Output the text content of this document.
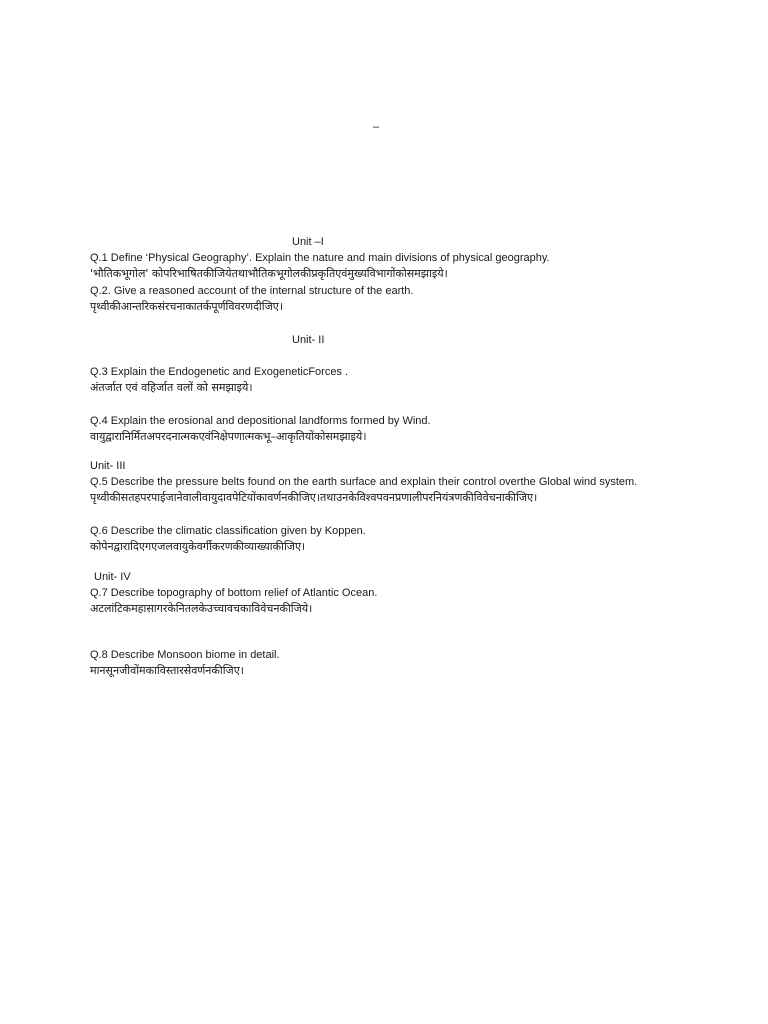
–
Unit –I
Q.1 Define ‘Physical Geography’. Explain the nature and main divisions of physical geography.
'भौतिकभूगोल' कोपरिभाषितकीजियेतथाभौतिकभूगोलकीप्रकृतिएवंमुख्यविभागोंकोसमझाइये।
Q.2. Give a reasoned account of the internal structure of the earth.
पृथ्वीकीआन्तरिकसंरचनाकातर्कपूर्णविवरणदीजिए।
Unit- II
Q.3 Explain the Endogenetic and ExogeneticForces .
अंतर्जात एवं वहिर्जात वलों को समझाइये।
Q.4 Explain the erosional and depositional landforms formed by Wind.
वायुद्वारानिर्मितअपरदनात्मकएवंनिक्षेपणात्मकभू–आकृतियोंकोसमझाइये।
Unit- III
Q.5 Describe the pressure belts found on the earth surface and explain their control overthe Global wind system.
पृथ्वीकीसतहपरपाईजानेवालीवायुदावपेटियोंकावर्णनकीजिए।तथाउनकेविश्वपवनप्रणालीपरनियंत्रणकीविवेचनाकीजिए।
Q.6 Describe the climatic classification given by Koppen.
कोपेनद्वारादिएगएजलवायुकेवर्गीकरणकीव्याख्याकीजिए।
Unit- IV
Q.7 Describe topography of bottom relief of Atlantic Ocean.
अटलांटिकमहासागरकेनितलकेउच्चावचकाविवेचनकीजिये।
Q.8 Describe Monsoon biome in detail.
मानसूनजीवोंमकाविस्तारसेवर्णनकीजिए।
